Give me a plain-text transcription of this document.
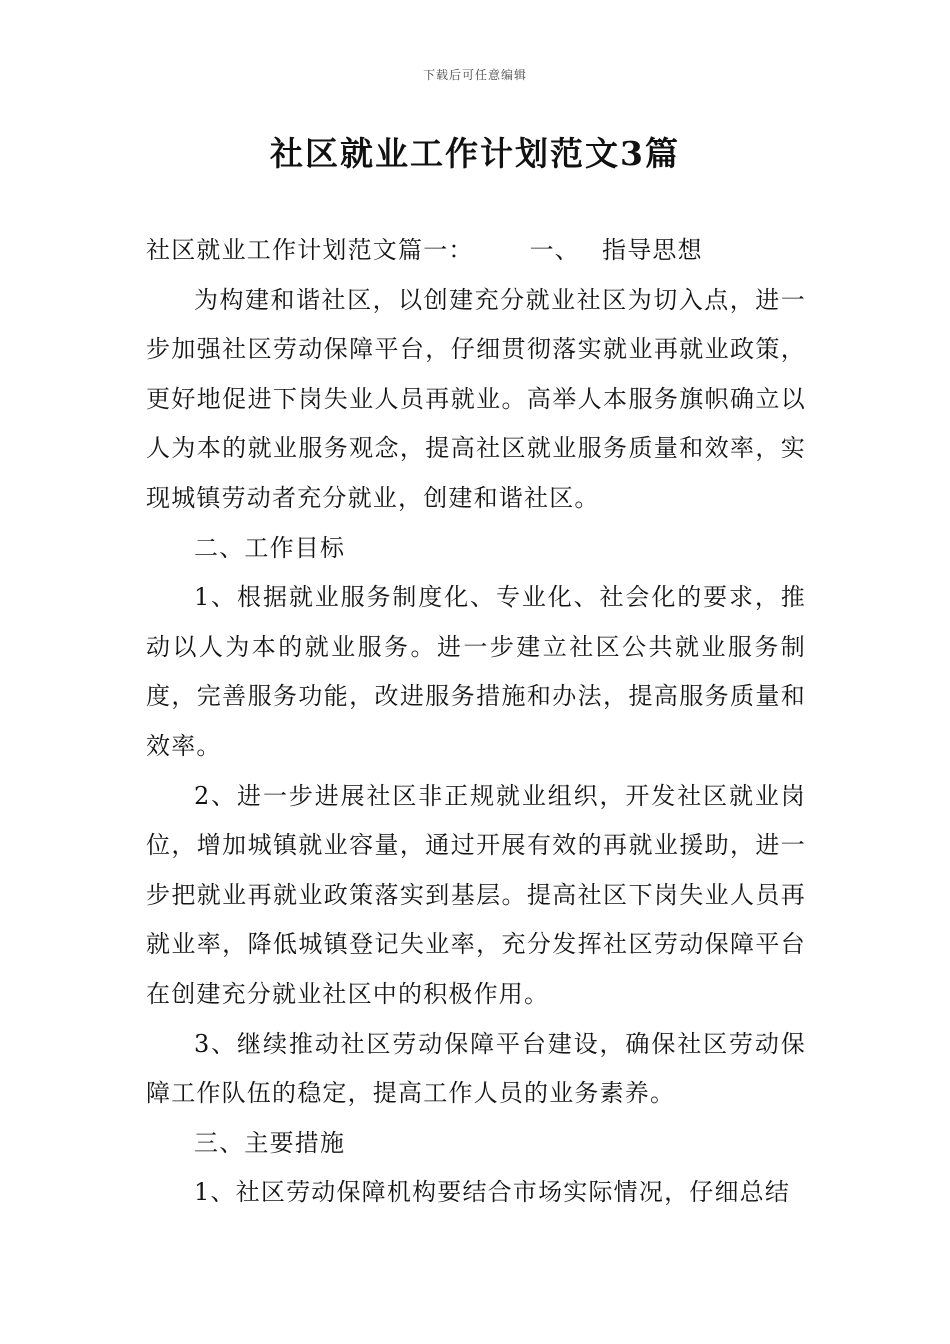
下载后可任意编辑
社区就业工作计划范文3篇

社区就业工作计划范文篇一： 一、 指导思想

为构建和谐社区，以创建充分就业社区为切入点，进一步加强社区劳动保障平台，仔细贯彻落实就业再就业政策，更好地促进下岗失业人员再就业。高举人本服务旗帜确立以人为本的就业服务观念，提高社区就业服务质量和效率，实现城镇劳动者充分就业，创建和谐社区。

二、工作目标

1、根据就业服务制度化、专业化、社会化的要求，推动以人为本的就业服务。进一步建立社区公共就业服务制度，完善服务功能，改进服务措施和办法，提高服务质量和效率。

2、进一步进展社区非正规就业组织，开发社区就业岗位，增加城镇就业容量，通过开展有效的再就业援助，进一步把就业再就业政策落实到基层。提高社区下岗失业人员再就业率，降低城镇登记失业率，充分发挥社区劳动保障平台在创建充分就业社区中的积极作用。

3、继续推动社区劳动保障平台建设，确保社区劳动保障工作队伍的稳定，提高工作人员的业务素养。

三、主要措施

1、社区劳动保障机构要结合市场实际情况，仔细总结
